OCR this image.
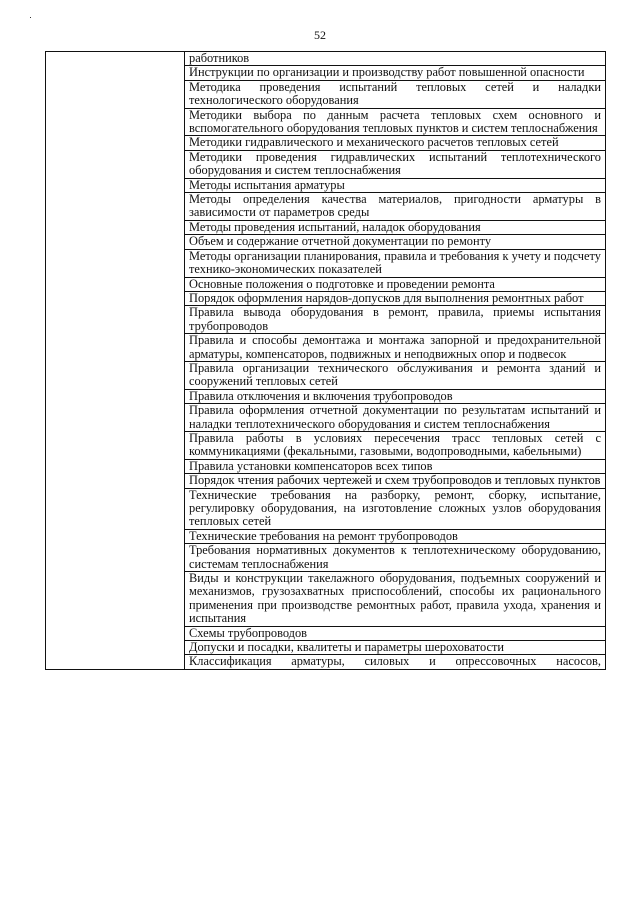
52
	работников
Инструкции по организации и производству работ повышенной опасности
Методика проведения испытаний тепловых сетей и наладки технологического оборудования
Методики выбора по данным расчета тепловых схем основного и вспомогательного оборудования тепловых пунктов и систем теплоснабжения
Методики гидравлического и механического расчетов тепловых сетей
Методики проведения гидравлических испытаний теплотехнического оборудования и систем теплоснабжения
Методы испытания арматуры
Методы определения качества материалов, пригодности арматуры в зависимости от параметров среды
Методы проведения испытаний, наладок оборудования
Объем и содержание отчетной документации по ремонту
Методы организации планирования, правила и требования к учету и подсчету технико-экономических показателей
Основные положения о подготовке и проведении ремонта
Порядок оформления нарядов-допусков для выполнения ремонтных работ
Правила вывода оборудования в ремонт, правила, приемы испытания трубопроводов
Правила и способы демонтажа и монтажа запорной и предохранительной арматуры, компенсаторов, подвижных и неподвижных опор и подвесок
Правила организации технического обслуживания и ремонта зданий и сооружений тепловых сетей
Правила отключения и включения трубопроводов
Правила оформления отчетной документации по результатам испытаний и наладки теплотехнического оборудования и систем теплоснабжения
Правила работы в условиях пересечения трасс тепловых сетей с коммуникациями (фекальными, газовыми, водопроводными, кабельными)
Правила установки компенсаторов всех типов
Порядок чтения рабочих чертежей и схем трубопроводов и тепловых пунктов
Технические требования на разборку, ремонт, сборку, испытание, регулировку оборудования, на изготовление сложных узлов оборудования тепловых сетей
Технические требования на ремонт трубопроводов
Требования нормативных документов к теплотехническому оборудованию, системам теплоснабжения
Виды и конструкции такелажного оборудования, подъемных сооружений и механизмов, грузозахватных приспособлений, способы их рационального применения при производстве ремонтных работ, правила ухода, хранения и испытания
Схемы трубопроводов
Допуски и посадки, квалитеты и параметры шероховатости

Классификация арматуры, силовых и опрессовочных насосов,
